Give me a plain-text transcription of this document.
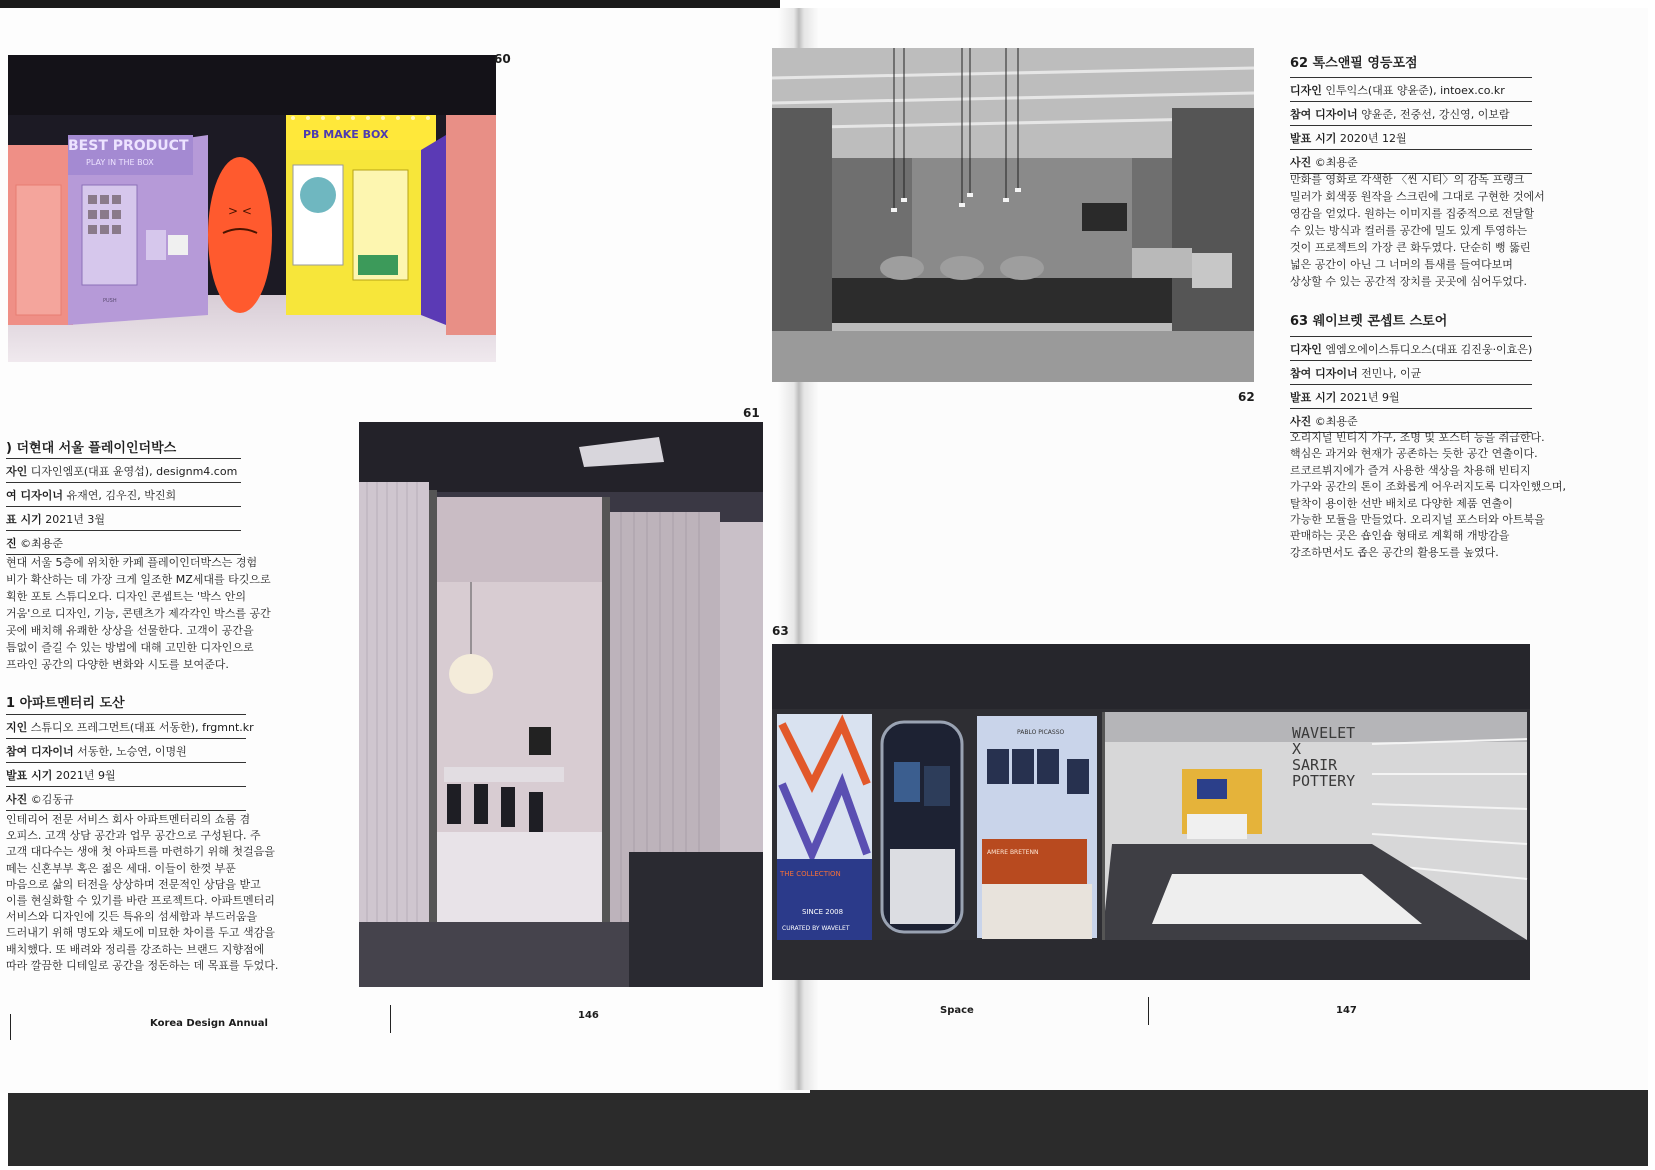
BEST PRODUCT
PLAY IN THE BOX
PUSH
> <
PB MAKE BOX
60
61
) 더현대 서울 플레이인더박스
자인 디자인엠포(대표 윤영섭), designm4.com
여 디자이너 유재연, 김우진, 박진희
표 시기 2021년 3월
진 ©최용준
현대 서울 5층에 위치한 카페 플레이인더박스는 경험
비가 확산하는 데 가장 크게 일조한 MZ세대를 타깃으로
획한 포토 스튜디오다. 디자인 콘셉트는 '박스 안의
거움'으로 디자인, 기능, 콘텐츠가 제각각인 박스를 공간
곳에 배치해 유쾌한 상상을 선물한다. 고객이 공간을
틈없이 즐길 수 있는 방법에 대해 고민한 디자인으로
프라인 공간의 다양한 변화와 시도를 보여준다.
1 아파트멘터리 도산
지인 스튜디오 프레그먼트(대표 서동한), frgmnt.kr
참여 디자이너 서동한, 노승연, 이명원
발표 시기 2021년 9월
사진 ©김동규
인테리어 전문 서비스 회사 아파트멘터리의 쇼룸 겸
오피스. 고객 상담 공간과 업무 공간으로 구성된다. 주
고객 대다수는 생애 첫 아파트를 마련하기 위해 첫걸음을
떼는 신혼부부 혹은 젊은 세대. 이들이 한껏 부푼
마음으로 삶의 터전을 상상하며 전문적인 상담을 받고
이를 현실화할 수 있기를 바란 프로젝트다. 아파트멘터리
서비스와 디자인에 깃든 특유의 섬세함과 부드러움을
드러내기 위해 명도와 채도에 미묘한 차이를 두고 색감을
배치했다. 또 배려와 정리를 강조하는 브랜드 지향점에
따라 깔끔한 디테일로 공간을 정돈하는 데 목표를 두었다.
Korea Design Annual
146
62
62 톡스앤필 영등포점
디자인 인투익스(대표 양윤준), intoex.co.kr
참여 디자이너 양윤준, 전중선, 강신영, 이보람
발표 시기 2020년 12월
사진 ©최용준
만화를 영화로 각색한 〈씬 시티〉의 감독 프랭크
밀러가 회색풍 원작을 스크린에 그대로 구현한 것에서
영감을 얻었다. 원하는 이미지를 집중적으로 전달할
수 있는 방식과 컬러를 공간에 밀도 있게 투영하는
것이 프로젝트의 가장 큰 화두였다. 단순히 뻥 뚫린
넓은 공간이 아닌 그 너머의 틈새를 들여다보며
상상할 수 있는 공간적 장치를 곳곳에 심어두었다.
63 웨이브렛 콘셉트 스토어
디자인 엠엠오에이스튜디오스(대표 김진웅·이효은)
참여 디자이너 전민나, 이균
발표 시기 2021년 9월
사진 ©최용준
오리지널 빈티지 가구, 조명 및 포스터 등을 취급한다.
핵심은 과거와 현재가 공존하는 듯한 공간 연출이다.
르코르뷔지에가 즐겨 사용한 색상을 차용해 빈티지
가구와 공간의 톤이 조화롭게 어우러지도록 디자인했으며,
탈착이 용이한 선반 배치로 다양한 제품 연출이
가능한 모듈을 만들었다. 오리지널 포스터와 아트북을
판매하는 곳은 숍인숍 형태로 계획해 개방감을
강조하면서도 좁은 공간의 활용도를 높였다.
63
THE COLLECTION
SINCE 2008
CURATED BY WAVELET
PABLO PICASSO
AMERE BRETENN
WAVELET
X
SARIR
POTTERY
Space	147
